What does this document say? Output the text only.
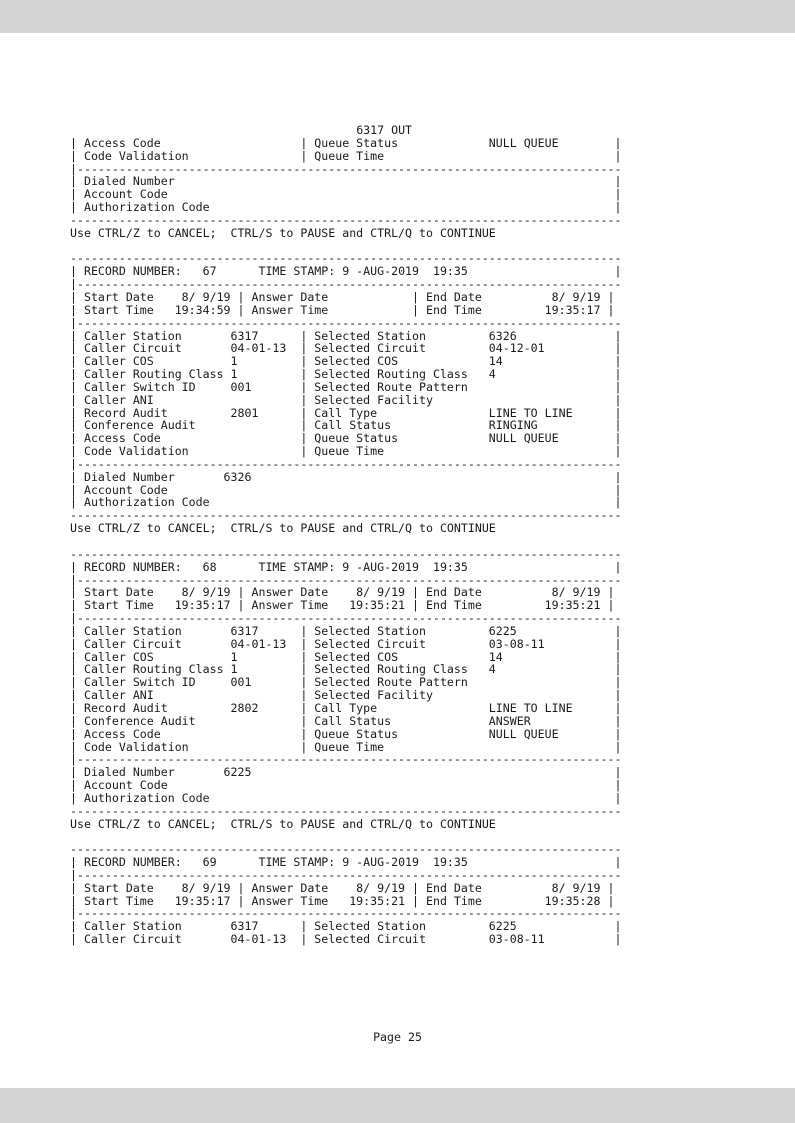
6317 OUT
| Access Code                    | Queue Status             NULL QUEUE        |
| Code Validation                | Queue Time                                 |
|------------------------------------------------------------------------------
| Dialed Number                                                               |
| Account Code                                                                |
| Authorization Code                                                          |
-------------------------------------------------------------------------------
Use CTRL/Z to CANCEL;  CTRL/S to PAUSE and CTRL/Q to CONTINUE

-------------------------------------------------------------------------------
| RECORD NUMBER:   67      TIME STAMP: 9 -AUG-2019  19:35                     |
|------------------------------------------------------------------------------
| Start Date    8/ 9/19 | Answer Date            | End Date          8/ 9/19 |
| Start Time   19:34:59 | Answer Time            | End Time         19:35:17 |
|------------------------------------------------------------------------------
| Caller Station       6317      | Selected Station         6326              |
| Caller Circuit       04-01-13  | Selected Circuit         04-12-01          |
| Caller COS           1         | Selected COS             14                |
| Caller Routing Class 1         | Selected Routing Class   4                 |
| Caller Switch ID     001       | Selected Route Pattern                     |
| Caller ANI                     | Selected Facility                          |
| Record Audit         2801      | Call Type                LINE TO LINE      |
| Conference Audit               | Call Status              RINGING           |
| Access Code                    | Queue Status             NULL QUEUE        |
| Code Validation                | Queue Time                                 |
|------------------------------------------------------------------------------
| Dialed Number       6326                                                    |
| Account Code                                                                |
| Authorization Code                                                          |
-------------------------------------------------------------------------------
Use CTRL/Z to CANCEL;  CTRL/S to PAUSE and CTRL/Q to CONTINUE

-------------------------------------------------------------------------------
| RECORD NUMBER:   68      TIME STAMP: 9 -AUG-2019  19:35                     |
|------------------------------------------------------------------------------
| Start Date    8/ 9/19 | Answer Date    8/ 9/19 | End Date          8/ 9/19 |
| Start Time   19:35:17 | Answer Time   19:35:21 | End Time         19:35:21 |
|------------------------------------------------------------------------------
| Caller Station       6317      | Selected Station         6225              |
| Caller Circuit       04-01-13  | Selected Circuit         03-08-11          |
| Caller COS           1         | Selected COS             14                |
| Caller Routing Class 1         | Selected Routing Class   4                 |
| Caller Switch ID     001       | Selected Route Pattern                     |
| Caller ANI                     | Selected Facility                          |
| Record Audit         2802      | Call Type                LINE TO LINE      |
| Conference Audit               | Call Status              ANSWER            |
| Access Code                    | Queue Status             NULL QUEUE        |
| Code Validation                | Queue Time                                 |
|------------------------------------------------------------------------------
| Dialed Number       6225                                                    |
| Account Code                                                                |
| Authorization Code                                                          |
-------------------------------------------------------------------------------
Use CTRL/Z to CANCEL;  CTRL/S to PAUSE and CTRL/Q to CONTINUE

-------------------------------------------------------------------------------
| RECORD NUMBER:   69      TIME STAMP: 9 -AUG-2019  19:35                     |
|------------------------------------------------------------------------------
| Start Date    8/ 9/19 | Answer Date    8/ 9/19 | End Date          8/ 9/19 |
| Start Time   19:35:17 | Answer Time   19:35:21 | End Time         19:35:28 |
|------------------------------------------------------------------------------
| Caller Station       6317      | Selected Station         6225              |
| Caller Circuit       04-01-13  | Selected Circuit         03-08-11          |

Page 25
